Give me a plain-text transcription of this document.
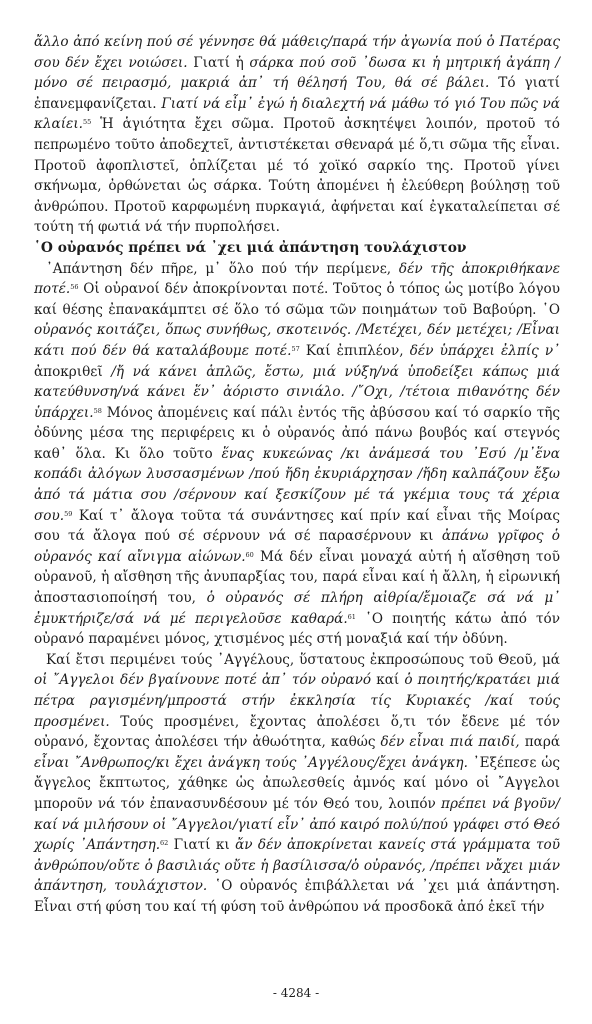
ἄλλο ἀπό κείνη πού σέ γέννησε θά μάθεις/παρά τήν ἀγωνία πού ὁ Πατέρας σου δέν ἔχει νοιώσει. Γιατί ἡ σάρκα πού σοῦ ᾿δωσα κι ἡ μητρική ἀγάπη /μόνο σέ πειρασμό, μακριά ἀπ᾿ τή θέλησή Του, θά σέ βάλει. Τό γιατί ἐπανεμφανίζεται. Γιατί νά εἶμ᾿ ἐγώ ἡ διαλεχτή νά μάθω τό γιό Του πῶς νά κλαίει.$^{55}$ Ἡ ἁγιότητα ἔχει σῶμα. Προτοῦ ἀσκητέψει λοιπόν, προτοῦ τό πεπρωμένο τοῦτο ἀποδεχτεῖ, ἀντιστέκεται σθεναρά μέ ὅ,τι σῶμα τῆς εἶναι. Προτοῦ ἀφοπλιστεῖ, ὁπλίζεται μέ τό χοϊκό σαρκίο της. Προτοῦ γίνει σκήνωμα, ὀρθώνεται ὡς σάρκα. Τούτη ἀπομένει ἡ ἐλεύθερη βούλησῃ τοῦ ἀνθρώπου. Προτοῦ καρφωμένη πυρκαγιά, ἀφήνεται καί ἐγκαταλείπεται σέ τούτη τή φωτιά νά τήν πυρπολήσει.

῾Ο οὐρανός πρέπει νά ᾿χει μιά ἀπάντηση τουλάχιστον

᾿Απάντηση δέν πῆρε, μ᾿ ὅλο πού τήν περίμενε, δέν τῆς ἀποκριθήκανε ποτέ.$^{56}$ Οἱ οὐρανοί δέν ἀποκρίνονται ποτέ. Τοῦτος ὁ τόπος ὡς μοτίβο λόγου καί θέσης ἐπανακάμπτει σέ ὅλο τό σῶμα τῶν ποιημάτων τοῦ Βαβούρη. ῾Ο οὐρανός κοιτάζει, ὅπως συνήθως, σκοτεινός. /Μετέχει, δέν μετέχει; /Εἶναι κάτι πού δέν θά καταλάβουμε ποτέ.$^{57}$ Καί ἐπιπλέον, δέν ὑπάρχει ἐλπίς ν᾿ ἀποκριθεῖ /ἤ νά κάνει ἁπλῶς, ἔστω, μιά νύξη/νά ὑποδείξει κάπως μιά κατεύθυνση/νά κάνει ἕν᾿ ἀόριστο σινιάλο. /῎Οχι, /τέτοια πιθανότης δέν ὑπάρχει.$^{58}$ Μόνος ἀπομένεις καί πάλι ἐντός τῆς ἀβύσσου καί τό σαρκίο τῆς ὀδύνης μέσα της περιφέρεις κι ὁ οὐρανός ἀπό πάνω βουβός καί στεγνός καθ᾿ ὅλα. Κι ὅλο τοῦτο ἕνας κυκεώνας /κι ἀνάμεσά του ᾿Εσύ /μ᾿ἕνα κοπάδι ἀλόγων λυσσασμένων /πού ἤδη ἐκυριάρχησαν /ἤδη καλπάζουν ἔξω ἀπό τά μάτια σου /σέρνουν καί ξεσκίζουν μέ τά γκέμια τους τά χέρια σου.$^{59}$ Καί τ᾿ ἄλογα τοῦτα τά συνάντησες καί πρίν καί εἶναι τῆς Μοίρας σου τά ἄλογα πού σέ σέρνουν νά σέ παρασέρνουν κι ἀπάνω γρῖφος ὁ οὐρανός καί αἴνιγμα αἰώνων.$^{60}$ Μά δέν εἶναι μοναχά αὐτή ἡ αἴσθηση τοῦ οὐρανοῦ, ἡ αἴσθηση τῆς ἀνυπαρξίας του, παρά εἶναι καί ἡ ἄλλη, ἡ εἰρωνική ἀποστασιοποίησή του, ὁ οὐρανός σέ πλήρη αἰθρία/ἔμοιαζε σά νά μ᾿ ἐμυκτήριζε/σά νά μέ περιγελοῦσε καθαρά.$^{61}$ ῾Ο ποιητής κάτω ἀπό τόν οὐρανό παραμένει μόνος, χτισμένος μές στή μοναξιά καί τήν ὀδύνη.

Καί ἔτσι περιμένει τούς ᾿Αγγέλους, ὕστατους ἐκπροσώπους τοῦ Θεοῦ, μά οἱ ῎Αγγελοι δέν βγαίνουνε ποτέ ἀπ᾿ τόν οὐρανό καί ὁ ποιητής/κρατάει μιά πέτρα ραγισμένη/μπροστά στήν ἐκκλησία τίς Κυριακές /καί τούς προσμένει. Τούς προσμένει, ἔχοντας ἀπολέσει ὅ,τι τόν ἔδενε μέ τόν οὐρανό, ἔχοντας ἀπολέσει τήν ἀθωότητα, καθώς δέν εἶναι πιά παιδί, παρά εἶναι ῎Ανθρωπος/κι ἔχει ἀνάγκη τούς ᾿Αγγέλους/ἔχει ἀνάγκη. ᾿Εξέπεσε ὡς ἄγγελος ἔκπτωτος, χάθηκε ὡς ἀπωλεσθείς ἀμνός καί μόνο οἱ ῎Αγγελοι μποροῦν νά τόν ἐπανασυνδέσουν μέ τόν Θεό του, λοιπόν πρέπει νά βγοῦν/καί νά μιλήσουν οἱ ῎Αγγελοι/γιατί εἶν᾿ ἀπό καιρό πολύ/πού γράφει στό Θεό χωρίς ᾿Απάντηση.$^{62}$ Γιατί κι ἄν δέν ἀποκρίνεται κανείς στά γράμματα τοῦ ἀνθρώπου/οὔτε ὁ βασιλιάς οὔτε ἡ βασίλισσα/ὁ οὐρανός, /πρέπει νἄχει μιάν ἀπάντηση, τουλάχιστον. ῾Ο οὐρανός ἐπιβάλλεται νά ᾿χει μιά ἀπάντηση. Εἶναι στή φύση του καί τή φύση τοῦ ἀνθρώπου νά προσδοκᾶ ἀπό ἐκεῖ τήν

- 4284 -
